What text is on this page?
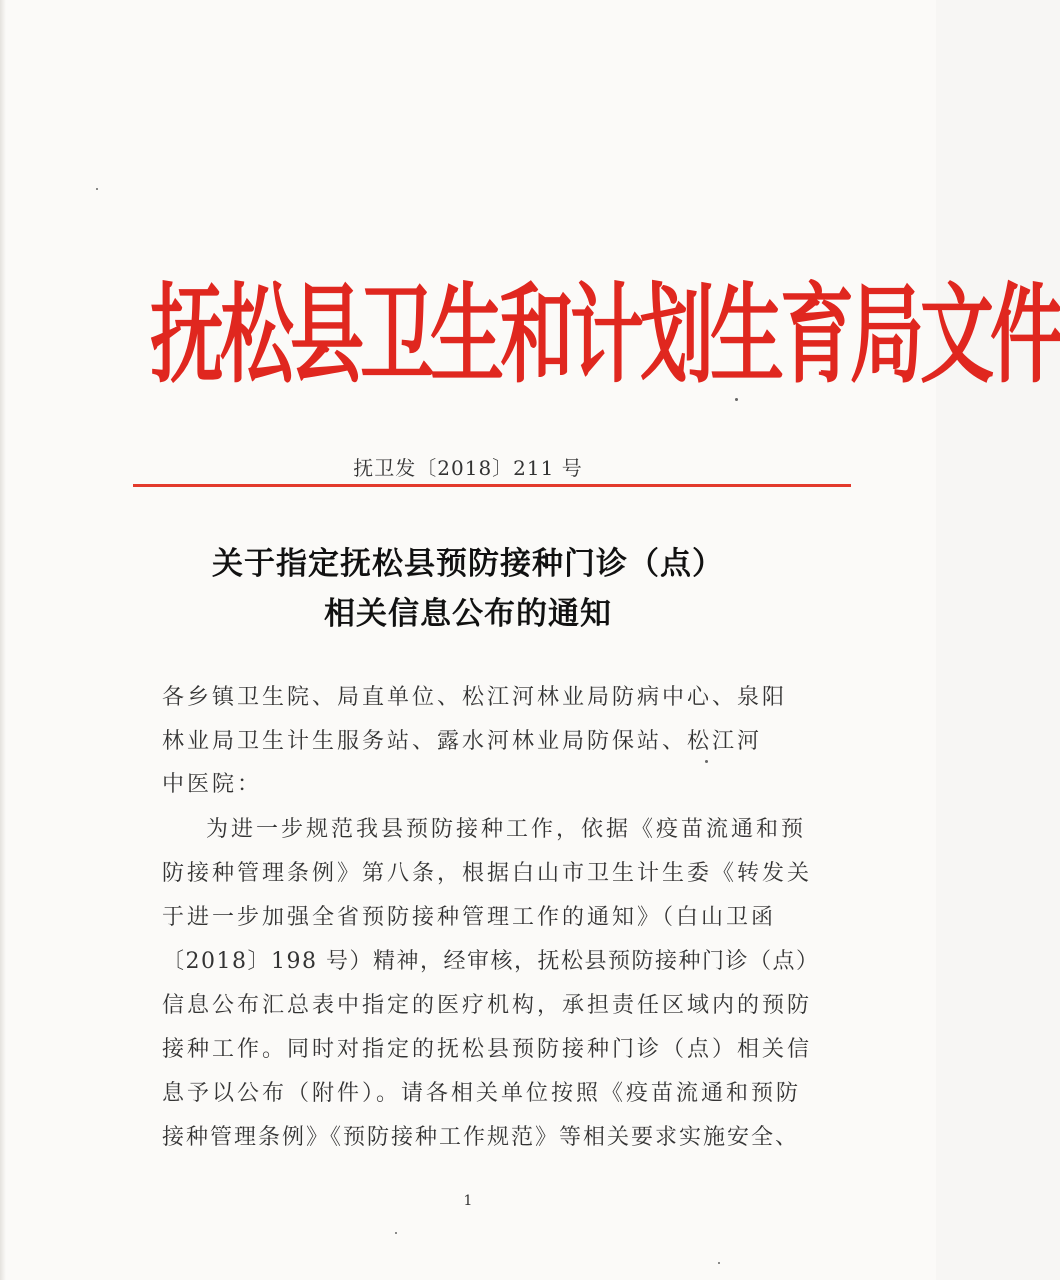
抚松县卫生和计划生育局文件
抚卫发〔2018〕211 号
关于指定抚松县预防接种门诊（点）
相关信息公布的通知
各乡镇卫生院、局直单位、松江河林业局防病中心、泉阳
林业局卫生计生服务站、露水河林业局防保站、松江河
中医院：
为进一步规范我县预防接种工作，依据《疫苗流通和预
防接种管理条例》第八条，根据白山市卫生计生委《转发关
于进一步加强全省预防接种管理工作的通知》（白山卫函
〔2018〕198 号）精神，经审核，抚松县预防接种门诊（点）
信息公布汇总表中指定的医疗机构，承担责任区域内的预防
接种工作。同时对指定的抚松县预防接种门诊（点）相关信
息予以公布（附件）。请各相关单位按照《疫苗流通和预防
接种管理条例》《预防接种工作规范》等相关要求实施安全、
1
